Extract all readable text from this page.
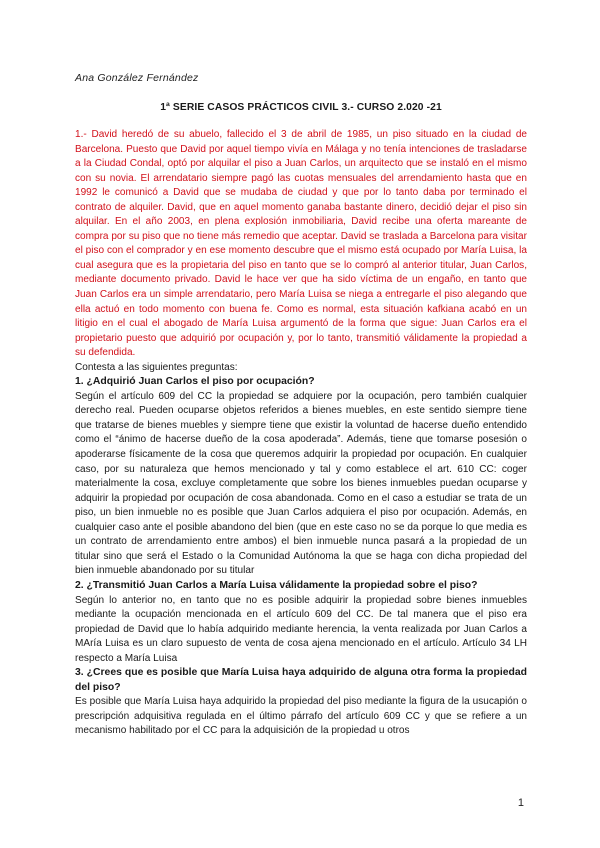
Ana González Fernández
1ª SERIE CASOS PRÁCTICOS CIVIL 3.- CURSO 2.020 -21

1.- David heredó de su abuelo, fallecido el 3 de abril de 1985, un piso situado en la ciudad de Barcelona. Puesto que David por aquel tiempo vivía en Málaga y no tenía intenciones de trasladarse a la Ciudad Condal, optó por alquilar el piso a Juan Carlos, un arquitecto que se instaló en el mismo con su novia. El arrendatario siempre pagó las cuotas mensuales del arrendamiento hasta que en 1992 le comunicó a David que se mudaba de ciudad y que por lo tanto daba por terminado el contrato de alquiler. David, que en aquel momento ganaba bastante dinero, decidió dejar el piso sin alquilar. En el año 2003, en plena explosión inmobiliaria, David recibe una oferta mareante de compra por su piso que no tiene más remedio que aceptar. David se traslada a Barcelona para visitar el piso con el comprador y en ese momento descubre que el mismo está ocupado por María Luisa, la cual asegura que es la propietaria del piso en tanto que se lo compró al anterior titular, Juan Carlos, mediante documento privado. David le hace ver que ha sido víctima de un engaño, en tanto que Juan Carlos era un simple arrendatario, pero María Luisa se niega a entregarle el piso alegando que ella actuó en todo momento con buena fe. Como es normal, esta situación kafkiana acabó en un litigio en el cual el abogado de María Luisa argumentó de la forma que sigue: Juan Carlos era el propietario puesto que adquirió por ocupación y, por lo tanto, transmitió válidamente la propiedad a su defendida.

Contesta a las siguientes preguntas:

1. ¿Adquirió Juan Carlos el piso por ocupación?

Según el artículo 609 del CC la propiedad se adquiere por la ocupación, pero también cualquier derecho real. Pueden ocuparse objetos referidos a bienes muebles, en este sentido siempre tiene que tratarse de bienes muebles y siempre tiene que existir la voluntad de hacerse dueño entendido como el “ánimo de hacerse dueño de la cosa apoderada”. Además, tiene que tomarse posesión o apoderarse físicamente de la cosa que queremos adquirir la propiedad por ocupación. En cualquier caso, por su naturaleza que hemos mencionado y tal y como establece el art. 610 CC: coger materialmente la cosa, excluye completamente que sobre los bienes inmuebles puedan ocuparse y adquirir la propiedad por ocupación de cosa abandonada. Como en el caso a estudiar se trata de un piso, un bien inmueble no es posible que Juan Carlos adquiera el piso por ocupación. Además, en cualquier caso ante el posible abandono del bien (que en este caso no se da porque lo que media es un contrato de arrendamiento entre ambos) el bien inmueble nunca pasará a la propiedad de un titular sino que será el Estado o la Comunidad Autónoma la que se haga con dicha propiedad del bien inmueble abandonado por su titular

2. ¿Transmitió Juan Carlos a María Luisa válidamente la propiedad sobre el piso?

Según lo anterior no, en tanto que no es posible adquirir la propiedad sobre bienes inmuebles mediante la ocupación mencionada en el artículo 609 del CC. De tal manera que el piso era propiedad de David que lo había adquirido mediante herencia, la venta realizada por Juan Carlos a MAría Luisa es un claro supuesto de venta de cosa ajena mencionado en el artículo. Artículo 34 LH respecto a María Luisa

3. ¿Crees que es posible que María Luisa haya adquirido de alguna otra forma la propiedad del piso?

Es posible que María Luisa haya adquirido la propiedad del piso mediante la figura de la usucapión o prescripción adquisitiva regulada en el último párrafo del artículo 609 CC y que se refiere a un mecanismo habilitado por el CC para la adquisición de la propiedad u otros

1
